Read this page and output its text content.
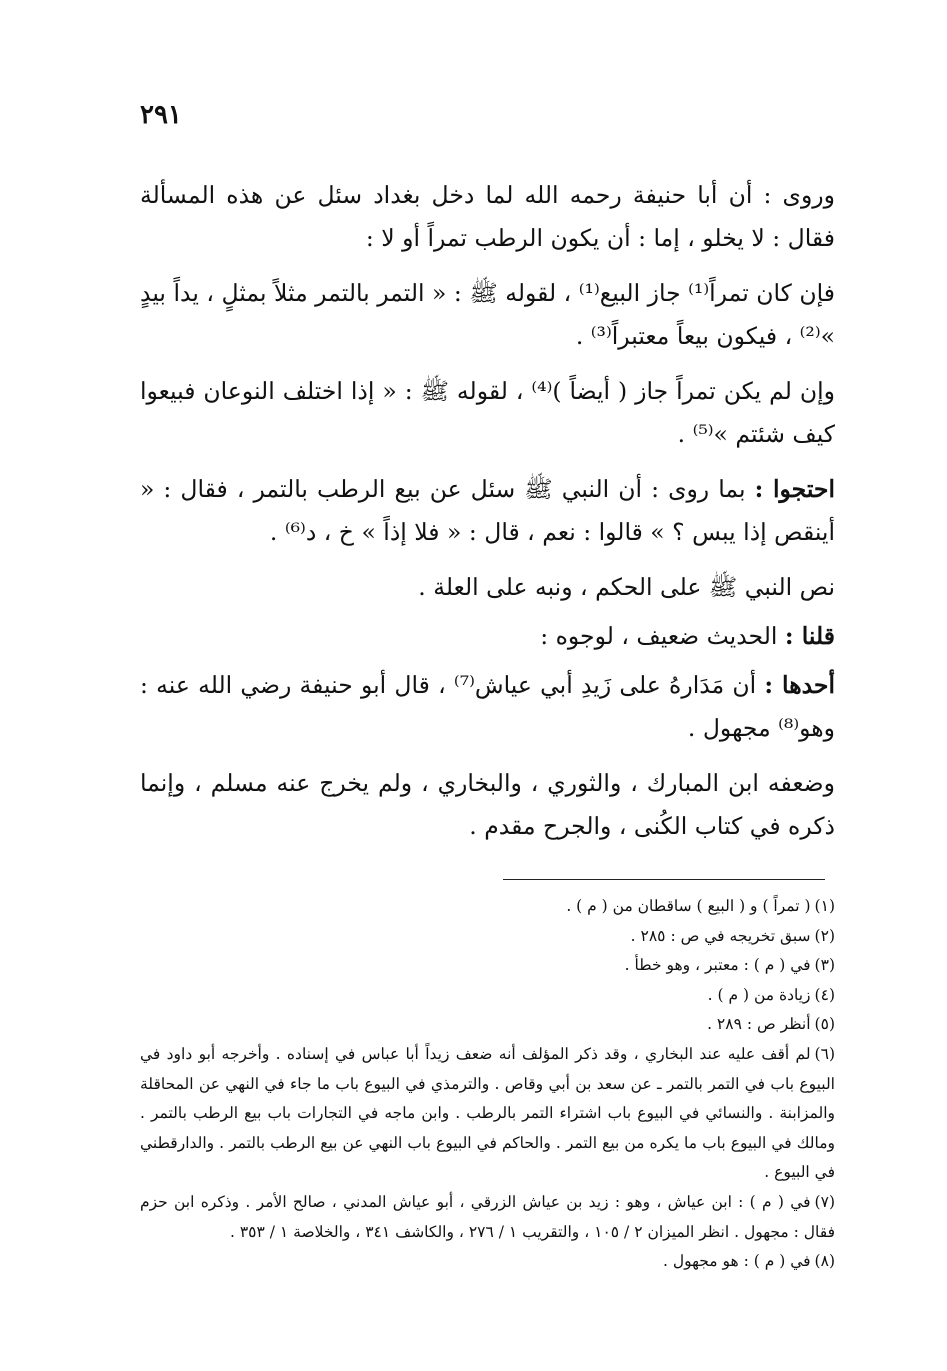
٢٩١

وروى : أن أبا حنيفة رحمه الله لما دخل بغداد سئل عن هذه المسألة فقال : لا يخلو ، إما : أن يكون الرطب تمراً أو لا :

فإن كان تمراً⁽¹⁾ جاز البيع⁽¹⁾ ، لقوله ﷺ : « التمر بالتمر مثلاً بمثلٍ ، يداً بيدٍ »⁽²⁾ ، فيكون بيعاً معتبراً⁽³⁾ .

وإن لم يكن تمراً جاز ( أيضاً )⁽⁴⁾ ، لقوله ﷺ : « إذا اختلف النوعان فبيعوا كيف شئتم »⁽⁵⁾ .

احتجوا : بما روى : أن النبي ﷺ سئل عن بيع الرطب بالتمر ، فقال : « أينقص إذا يبس ؟ » قالوا : نعم ، قال : « فلا إذاً » خ ، د⁽⁶⁾ .

نص النبي ﷺ على الحكم ، ونبه على العلة .

قلنا : الحديث ضعيف ، لوجوه :

أحدها : أن مَدَارهُ على زَيدِ أبي عياش⁽⁷⁾ ، قال أبو حنيفة رضي الله عنه : وهو⁽⁸⁾ مجهول .

وضعفه ابن المبارك ، والثوري ، والبخاري ، ولم يخرج عنه مسلم ، وإنما ذكره في كتاب الكُنى ، والجرح مقدم .

(١)( تمراً ) و ( البيع ) ساقطان من ( م ) .

(٢)سبق تخريجه في ص : ٢٨٥ .

(٣)في ( م ) : معتبر ، وهو خطأ .

(٤)زيادة من ( م ) .

(٥)أنظر ص : ٢٨٩ .

(٦)لم أقف عليه عند البخاري ، وقد ذكر المؤلف أنه ضعف زيداً أبا عباس في إسناده . وأخرجه أبو داود في البيوع باب في التمر بالتمر ـ عن سعد بن أبي وقاص . والترمذي في البيوع باب ما جاء في النهي عن المحاقلة والمزابنة . والنسائي في البيوع باب اشتراء التمر بالرطب . وابن ماجه في التجارات باب بيع الرطب بالتمر . ومالك في البيوع باب ما يكره من بيع التمر . والحاكم في البيوع باب النهي عن بيع الرطب بالتمر . والدارقطني في البيوع .

(٧)في ( م ) : ابن عياش ، وهو : زيد بن عياش الزرقي ، أبو عياش المدني ، صالح الأمر . وذكره ابن حزم فقال : مجهول . انظر الميزان ٢ / ١٠٥ ، والتقريب ١ / ٢٧٦ ، والكاشف ٣٤١ ، والخلاصة ١ / ٣٥٣ .

(٨)في ( م ) : هو مجهول .
